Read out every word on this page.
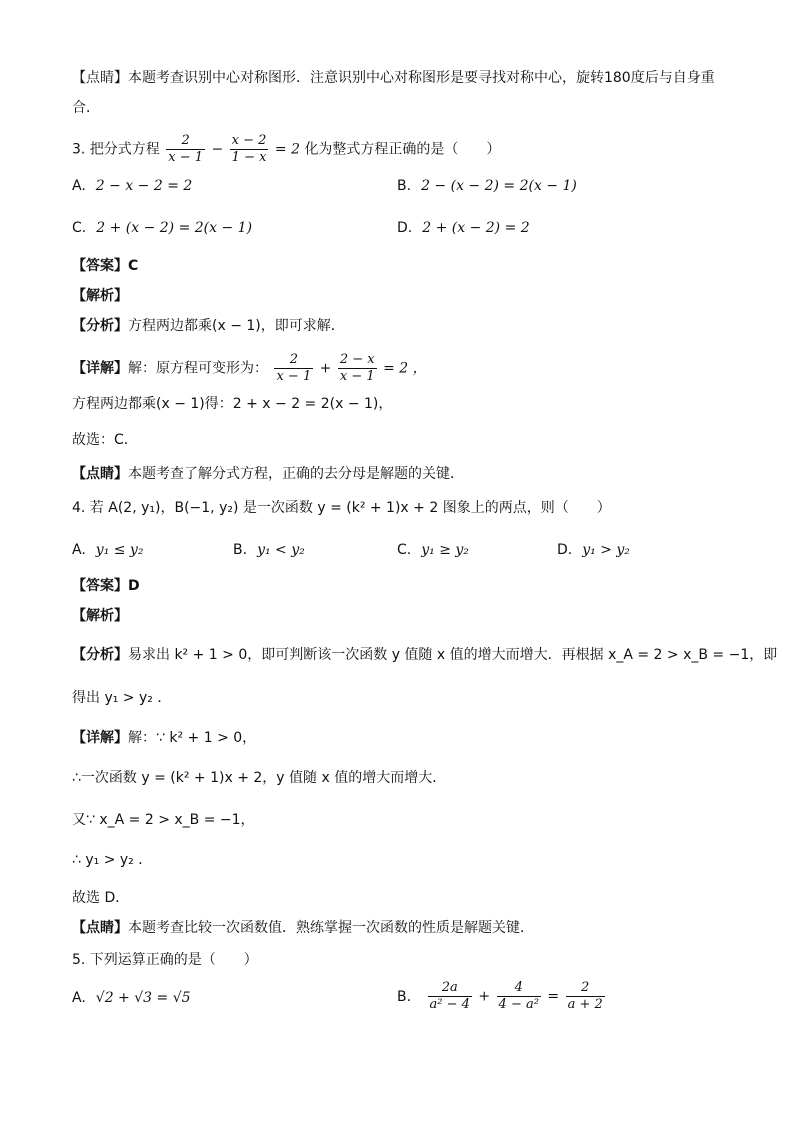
【点睛】本题考查识别中心对称图形．注意识别中心对称图形是要寻找对称中心，旋转180度后与自身重
合．
3. 把分式方程 $\frac{2}{x - 1} - \frac{x - 2}{1 - x} = 2$ 化为整式方程正确的是（　　）
A. 2 − x − 2 = 2	B. 2 − (x − 2) = 2(x − 1)
C. 2 + (x − 2) = 2(x − 1)	D. 2 + (x − 2) = 2
【答案】C
【解析】
【分析】方程两边都乘(x − 1)，即可求解．
【详解】解：原方程可变形为： $\frac{2}{x - 1} + \frac{2 - x}{x - 1} = 2$ ，
方程两边都乘(x − 1)得：2 + x − 2 = 2(x − 1)，
故选：C．
【点睛】本题考查了解分式方程，正确的去分母是解题的关键．
4. 若 A(2, y₁)，B(−1, y₂) 是一次函数 y = (k² + 1)x + 2 图象上的两点，则（　　）
A. y₁ ≤ y₂	B. y₁ < y₂	C. y₁ ≥ y₂	D. y₁ > y₂
【答案】D
【解析】
【分析】易求出 k² + 1 > 0，即可判断该一次函数 y 值随 x 值的增大而增大．再根据 x_A = 2 > x_B = −1，即
得出 y₁ > y₂ ．
【详解】解：∵ k² + 1 > 0，
∴一次函数 y = (k² + 1)x + 2，y 值随 x 值的增大而增大．
又∵ x_A = 2 > x_B = −1，
∴ y₁ > y₂ ．
故选 D．
【点睛】本题考查比较一次函数值．熟练掌握一次函数的性质是解题关键．
5. 下列运算正确的是（　　）
A. √2 + √3 = √5	B. $\frac{2a}{\text{a² − 4}} + \frac{4}{\text{4 − a²}} = \frac{2}{a + 2}$
